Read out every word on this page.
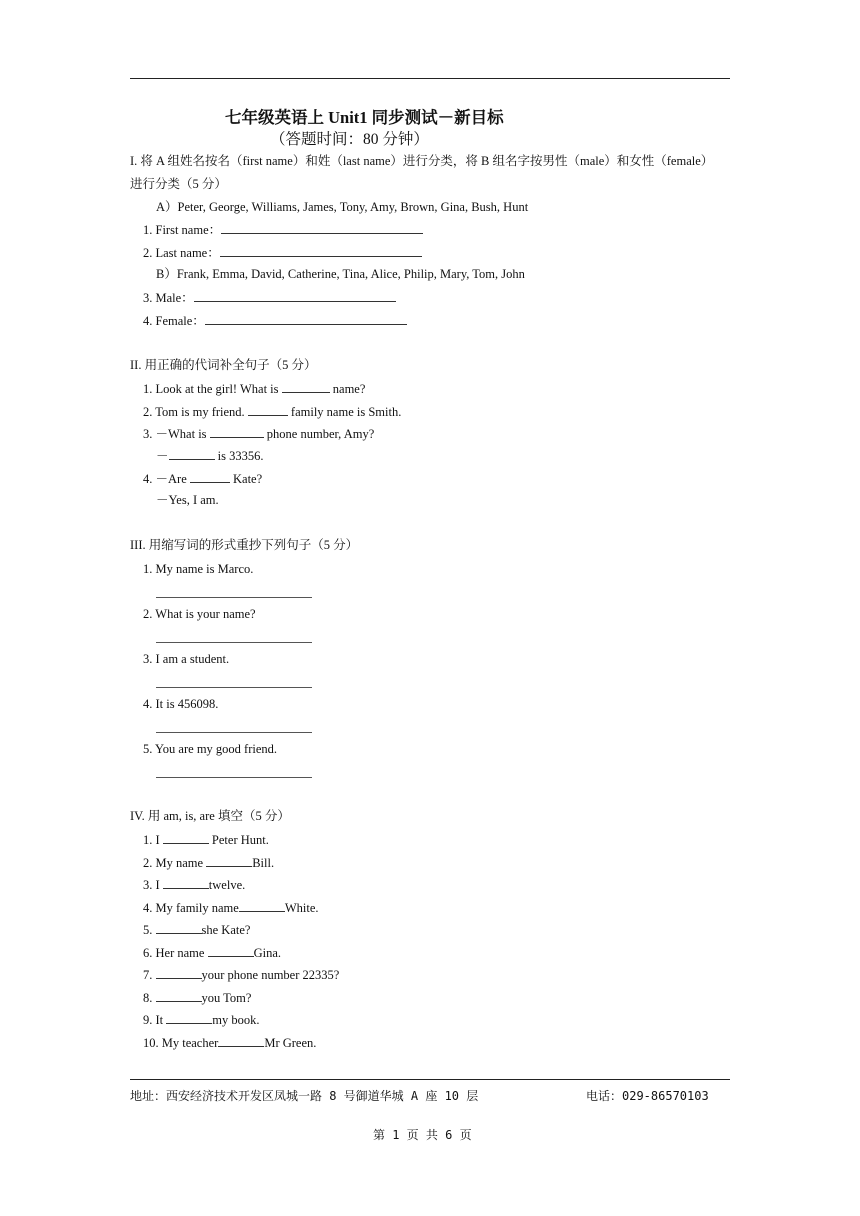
七年级英语上 Unit1 同步测试－新目标
（答题时间：80 分钟）
I. 将 A 组姓名按名（first name）和姓（last name）进行分类，将 B 组名字按男性（male）和女性（female）
进行分类（5 分）
A）Peter, George, Williams, James, Tony, Amy, Brown, Gina, Bush, Hunt
1. First name：
2. Last name：
B）Frank, Emma, David, Catherine, Tina, Alice, Philip, Mary, Tom, John
3. Male：
4. Female：
II. 用正确的代词补全句子（5 分）
1. Look at the girl! What is	name?
2. Tom is my friend.	family name is Smith.
3. －What is	phone number, Amy?
－	is 33356.
4. －Are	Kate?
－Yes, I am.
III. 用缩写词的形式重抄下列句子（5 分）
1. My name is Marco.
2. What is your name?
3. I am a student.
4. It is 456098.
5. You are my good friend.
IV. 用 am, is, are 填空（5 分）
1. I	Peter Hunt.
2. My name	Bill.
3. I	twelve.
4. My family name	White.
5.	she Kate?
6. Her name	Gina.
7.	your phone number 22335?
8.	you Tom?
9. It	my book.
10. My teacher	Mr Green.
地址：西安经济技术开发区凤城一路 8 号御道华城 A 座 10 层	电话：029-86570103
第 1 页 共 6 页
